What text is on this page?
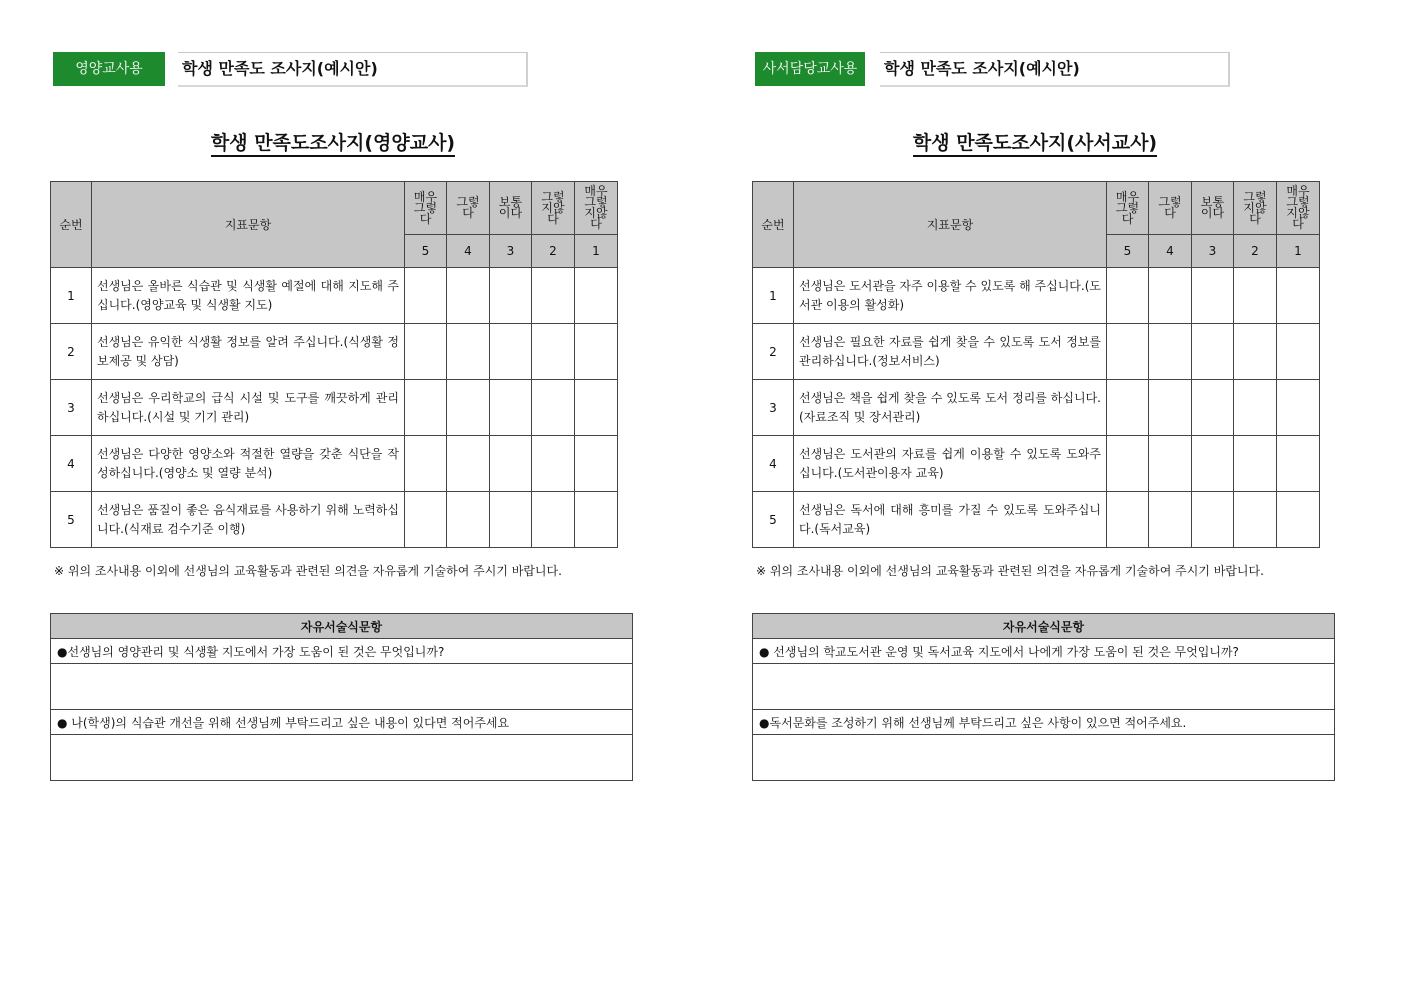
영양교사용	학생 만족도 조사지(예시안)
학생 만족도조사지(영양교사)
순번	지표문항	매우그렇다	그렇다	보통이다	그렇지않다	매우그렇지않다
		5	4	3	2	1
1	선생님은 올바른 식습관 및 식생활 예절에 대해 지도해 주십니다.(영양교육 및 식생활 지도)					
2	선생님은 유익한 식생활 정보를 알려 주십니다.(식생활 정보제공 및 상담)					
3	선생님은 우리학교의 급식 시설 및 도구를 깨끗하게 관리하십니다.(시설 및 기기 관리)					
4	선생님은 다양한 영양소와 적절한 열량을 갖춘 식단을 작성하십니다.(영양소 및 열량 분석)					
5	선생님은 품질이 좋은 음식재료를 사용하기 위해 노력하십니다.(식재료 검수기준 이행)					
※ 위의 조사내용 이외에 선생님의 교육활동과 관련된 의견을 자유롭게 기술하여 주시기 바랍니다.
자유서술식문항
●선생님의 영양관리 및 식생활 지도에서 가장 도움이 된 것은 무엇입니까?

● 나(학생)의 식습관 개선을 위해 선생님께 부탁드리고 싶은 내용이 있다면 적어주세요

사서담당교사용	학생 만족도 조사지(예시안)
학생 만족도조사지(사서교사)
순번	지표문항	매우그렇다	그렇다	보통이다	그렇지않다	매우그렇지않다
		5	4	3	2	1
1	선생님은 도서관을 자주 이용할 수 있도록 해 주십니다.(도서관 이용의 활성화)					
2	선생님은 필요한 자료를 쉽게 찾을 수 있도록 도서 정보를 관리하십니다.(정보서비스)					
3	선생님은 책을 쉽게 찾을 수 있도록 도서 정리를 하십니다.(자료조직 및 장서관리)					
4	선생님은 도서관의 자료를 쉽게 이용할 수 있도록 도와주십니다.(도서관이용자 교육)					
5	선생님은 독서에 대해 흥미를 가질 수 있도록 도와주십니다.(독서교육)					
※ 위의 조사내용 이외에 선생님의 교육활동과 관련된 의견을 자유롭게 기술하여 주시기 바랍니다.
자유서술식문항
● 선생님의 학교도서관 운영 및 독서교육 지도에서 나에게 가장 도움이 된 것은 무엇입니까?

●독서문화를 조성하기 위해 선생님께 부탁드리고 싶은 사항이 있으면 적어주세요.
